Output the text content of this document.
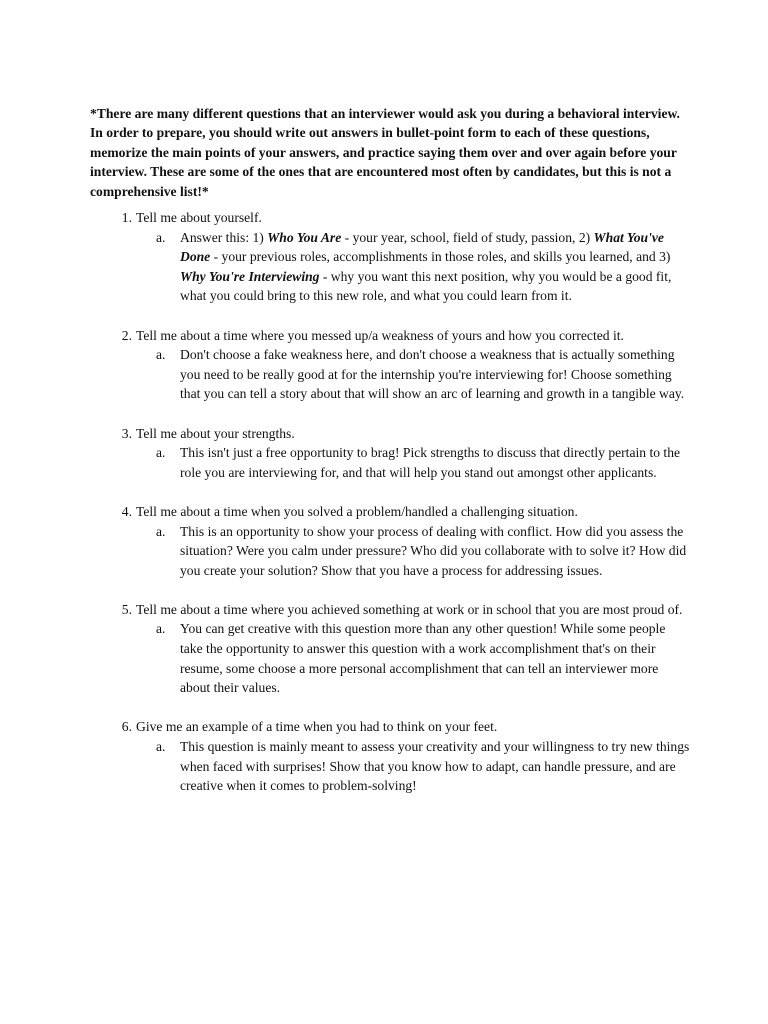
*There are many different questions that an interviewer would ask you during a behavioral interview. In order to prepare, you should write out answers in bullet-point form to each of these questions, memorize the main points of your answers, and practice saying them over and over again before your interview. These are some of the ones that are encountered most often by candidates, but this is not a comprehensive list!*

1. Tell me about yourself.
a. Answer this: 1) Who You Are - your year, school, field of study, passion, 2) What You've Done - your previous roles, accomplishments in those roles, and skills you learned, and 3) Why You're Interviewing - why you want this next position, why you would be a good fit, what you could bring to this new role, and what you could learn from it.
2. Tell me about a time where you messed up/a weakness of yours and how you corrected it.
a. Don't choose a fake weakness here, and don't choose a weakness that is actually something you need to be really good at for the internship you're interviewing for! Choose something that you can tell a story about that will show an arc of learning and growth in a tangible way.
3. Tell me about your strengths.
a. This isn't just a free opportunity to brag! Pick strengths to discuss that directly pertain to the role you are interviewing for, and that will help you stand out amongst other applicants.
4. Tell me about a time when you solved a problem/handled a challenging situation.
a. This is an opportunity to show your process of dealing with conflict. How did you assess the situation? Were you calm under pressure? Who did you collaborate with to solve it? How did you create your solution? Show that you have a process for addressing issues.
5. Tell me about a time where you achieved something at work or in school that you are most proud of.
a. You can get creative with this question more than any other question! While some people take the opportunity to answer this question with a work accomplishment that's on their resume, some choose a more personal accomplishment that can tell an interviewer more about their values.
6. Give me an example of a time when you had to think on your feet.
a. This question is mainly meant to assess your creativity and your willingness to try new things when faced with surprises! Show that you know how to adapt, can handle pressure, and are creative when it comes to problem-solving!
